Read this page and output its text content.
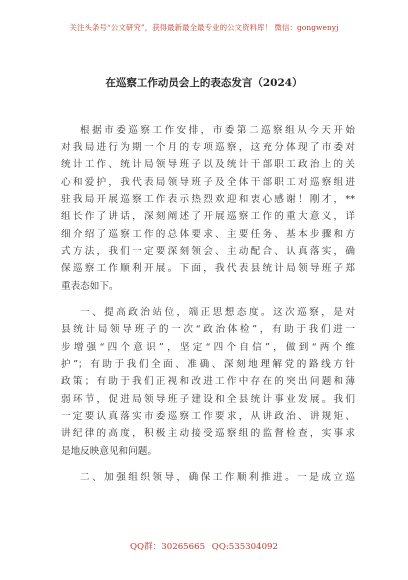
关注头条号“公文研究”，获得最新最全最专业的公文资料库！ 微信：gongwenyj
在巡察工作动员会上的表态发言（2024）
根据市委巡察工作安排，市委第二巡察组从今天开始
对我局进行为期一个月的专项巡察，这充分体现了市委对
统计工作、统计局领导班子以及统计干部职工政治上的关
心和爱护，我代表局领导班子及全体干部职工对巡察组进
驻我局开展巡察工作表示热烈欢迎和衷心感谢！刚才，**
组长作了讲话，深刻阐述了开展巡察工作的重大意义，详
细介绍了巡察工作的总体要求、主要任务、基本步骤和方
式方法，我们一定要深刻领会、主动配合、认真落实，确
保巡察工作顺利开展。下面，我代表县统计局领导班子郑
重表态如下。
一、提高政治站位，端正思想态度。这次巡察，是对
县统计局领导班子的一次“政治体检”，有助于我们进一
步增强“四个意识”，坚定“四个自信”，做到“两个维
护”；有助于我们全面、准确、深刻地理解党的路线方针
政策；有助于我们正视和改进工作中存在的突出问题和薄
弱环节，促进局领导班子建设和全县统计事业发展。我们
一定要认真落实市委巡察工作要求，从讲政治、讲规矩、
讲纪律的高度，积极主动接受巡察组的监督检查，实事求
是地反映意见和问题。
二、加强组织领导，确保工作顺利推进。一是成立巡
QQ群：30265665 QQ:535304092
